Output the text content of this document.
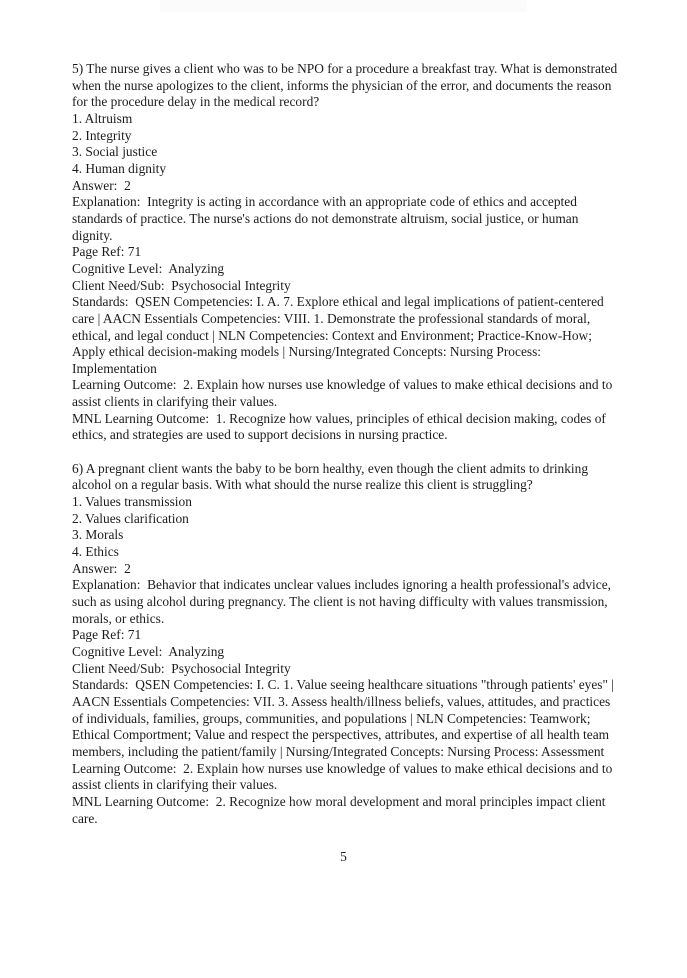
5) The nurse gives a client who was to be NPO for a procedure a breakfast tray. What is demonstrated when the nurse apologizes to the client, informs the physician of the error, and documents the reason for the procedure delay in the medical record?

1. Altruism

2. Integrity

3. Social justice

4. Human dignity

Answer:  2

Explanation:  Integrity is acting in accordance with an appropriate code of ethics and accepted standards of practice. The nurse's actions do not demonstrate altruism, social justice, or human dignity.

Page Ref: 71

Cognitive Level:  Analyzing

Client Need/Sub:  Psychosocial Integrity

Standards:  QSEN Competencies: I. A. 7. Explore ethical and legal implications of patient-centered care | AACN Essentials Competencies: VIII. 1. Demonstrate the professional standards of moral, ethical, and legal conduct | NLN Competencies: Context and Environment; Practice-Know-How; Apply ethical decision-making models | Nursing/Integrated Concepts: Nursing Process: Implementation

Learning Outcome:  2. Explain how nurses use knowledge of values to make ethical decisions and to assist clients in clarifying their values.

MNL Learning Outcome:  1. Recognize how values, principles of ethical decision making, codes of ethics, and strategies are used to support decisions in nursing practice.

6) A pregnant client wants the baby to be born healthy, even though the client admits to drinking alcohol on a regular basis. With what should the nurse realize this client is struggling?

1. Values transmission

2. Values clarification

3. Morals

4. Ethics

Answer:  2

Explanation:  Behavior that indicates unclear values includes ignoring a health professional's advice, such as using alcohol during pregnancy. The client is not having difficulty with values transmission, morals, or ethics.

Page Ref: 71

Cognitive Level:  Analyzing

Client Need/Sub:  Psychosocial Integrity

Standards:  QSEN Competencies: I. C. 1. Value seeing healthcare situations "through patients' eyes" | AACN Essentials Competencies: VII. 3. Assess health/illness beliefs, values, attitudes, and practices of individuals, families, groups, communities, and populations | NLN Competencies: Teamwork; Ethical Comportment; Value and respect the perspectives, attributes, and expertise of all health team members, including the patient/family | Nursing/Integrated Concepts: Nursing Process: Assessment

Learning Outcome:  2. Explain how nurses use knowledge of values to make ethical decisions and to assist clients in clarifying their values.

MNL Learning Outcome:  2. Recognize how moral development and moral principles impact client care.

5
